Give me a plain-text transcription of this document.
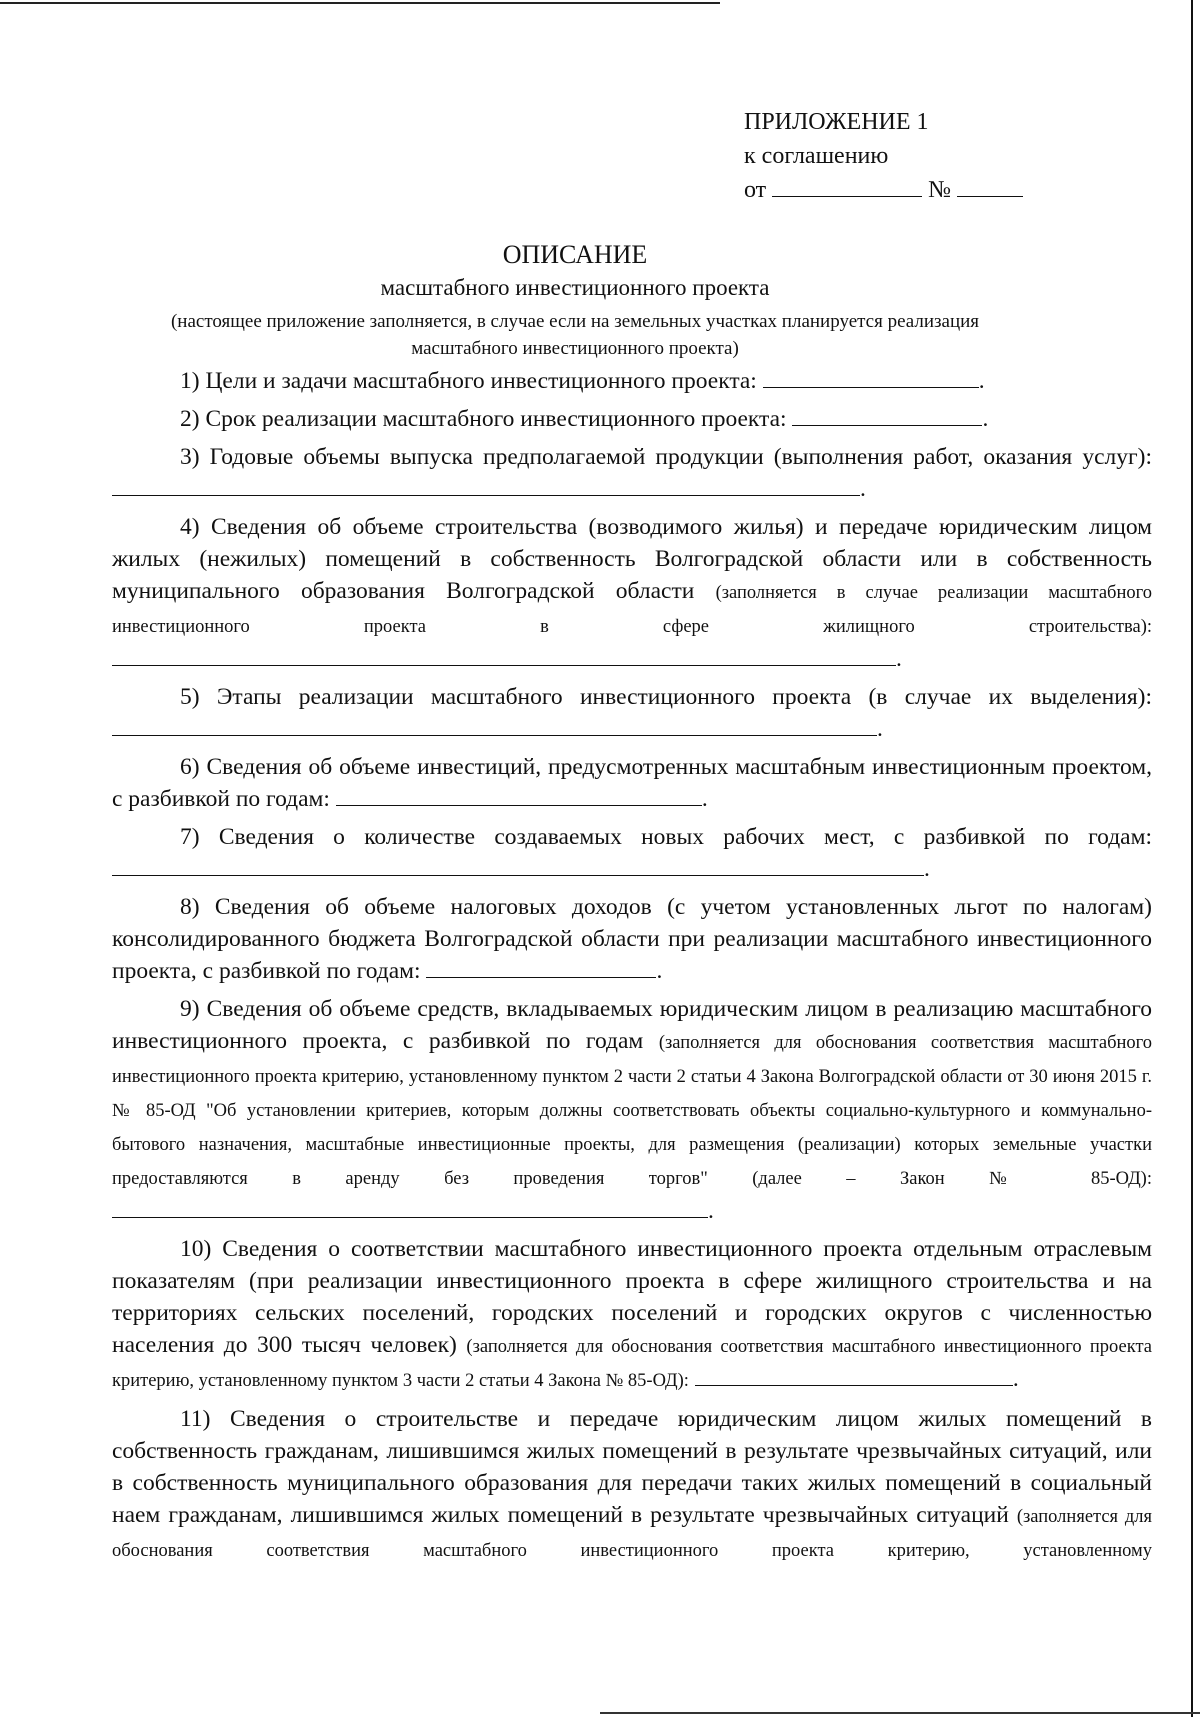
ПРИЛОЖЕНИЕ 1
к соглашению
от	№
ОПИСАНИЕ
масштабного инвестиционного проекта
(настоящее приложение заполняется, в случае если на земельных участках планируется реализация масштабного инвестиционного проекта)

1) Цели и задачи масштабного инвестиционного проекта:	.

2) Срок реализации масштабного инвестиционного проекта:	.

3) Годовые объемы выпуска предполагаемой продукции (выполнения работ, оказания услуг):.

4) Сведения об объеме строительства (возводимого жилья) и передаче юридическим лицом жилых (нежилых) помещений в собственность Волгоградской области или в собственность муниципального образования Волгоградской области (заполняется в случае реализации масштабного инвестиционного проекта в сфере жилищного строительства):.

5) Этапы реализации масштабного инвестиционного проекта (в случае их выделения):.

6) Сведения об объеме инвестиций, предусмотренных масштабным инвестиционным проектом, с разбивкой по годам:	.

7) Сведения о количестве создаваемых новых рабочих мест, с разбивкой по годам: .

8) Сведения об объеме налоговых доходов (с учетом установленных льгот по налогам) консолидированного бюджета Волгоградской области при реализации масштабного инвестиционного проекта, с разбивкой по годам:	.

9) Сведения об объеме средств, вкладываемых юридическим лицом в реализацию масштабного инвестиционного проекта, с разбивкой по годам (заполняется для обоснования соответствия масштабного инвестиционного проекта критерию, установленному пунктом 2 части 2 статьи 4 Закона Волгоградской области от 30 июня 2015 г. № 85-ОД "Об установлении критериев, которым должны соответствовать объекты социально-культурного и коммунально-бытового назначения, масштабные инвестиционные проекты, для размещения (реализации) которых земельные участки предоставляются в аренду без проведения торгов" (далее – Закон № 85-ОД): .

10) Сведения о соответствии масштабного инвестиционного проекта отдельным отраслевым показателям (при реализации инвестиционного проекта в сфере жилищного строительства и на территориях сельских поселений, городских поселений и городских округов с численностью населения до 300 тысяч человек) (заполняется для обоснования соответствия масштабного инвестиционного проекта критерию, установленному пунктом 3 части 2 статьи 4 Закона № 85-ОД):	.

11) Сведения о строительстве и передаче юридическим лицом жилых помещений в собственность гражданам, лишившимся жилых помещений в результате чрезвычайных ситуаций, или в собственность муниципального образования для передачи таких жилых помещений в социальный наем гражданам, лишившимся жилых помещений в результате чрезвычайных ситуаций (заполняется для обоснования соответствия масштабного инвестиционного проекта критерию, установленному
